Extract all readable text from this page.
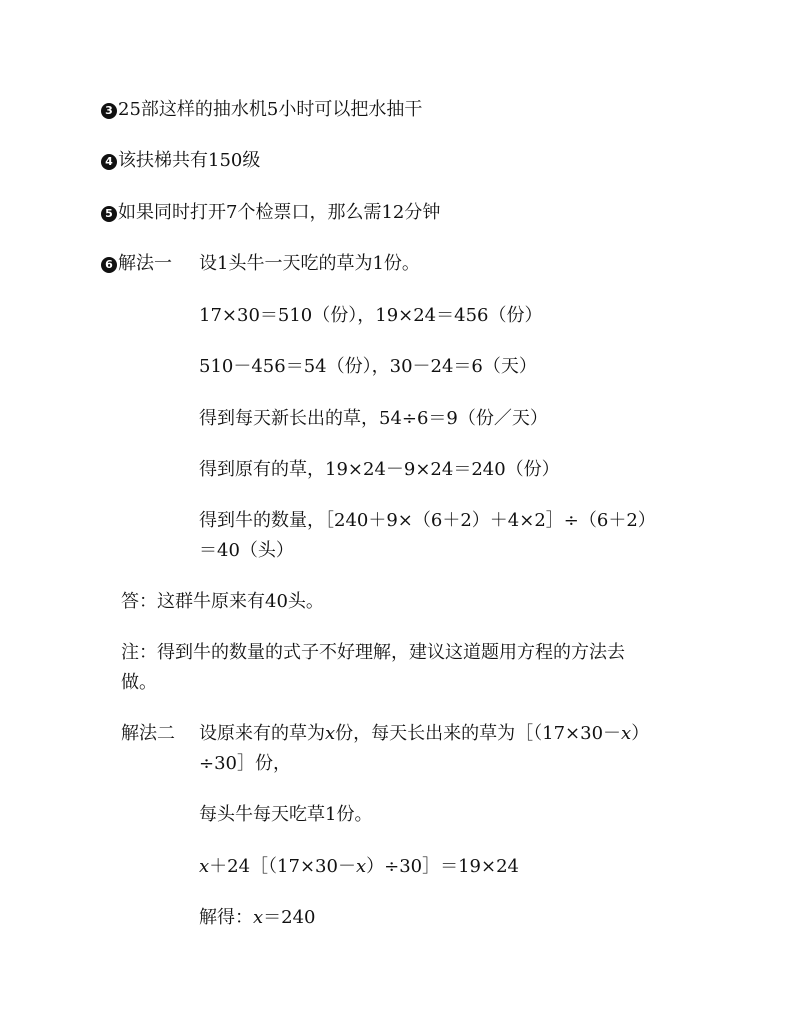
3 25部这样的抽水机5小时可以把水抽干
4 该扶梯共有150级
5 如果同时打开7个检票口，那么需12分钟
6 解法一 设1头牛一天吃的草为1份。
17×30＝510（份），19×24＝456（份）
510－456＝54（份），30－24＝6（天）
得到每天新长出的草，54÷6＝9（份／天）
得到原有的草，19×24－9×24＝240（份）
得到牛的数量，［240＋9×（6＋2）＋4×2］÷（6＋2）
＝40（头）
答：这群牛原来有40头。
注：得到牛的数量的式子不好理解，建议这道题用方程的方法去
做。
解法二 设原来有的草为x份，每天长出来的草为［（17×30－x）
÷30］份，
每头牛每天吃草1份。
x＋24［（17×30－x）÷30］＝19×24
解得：x＝240
